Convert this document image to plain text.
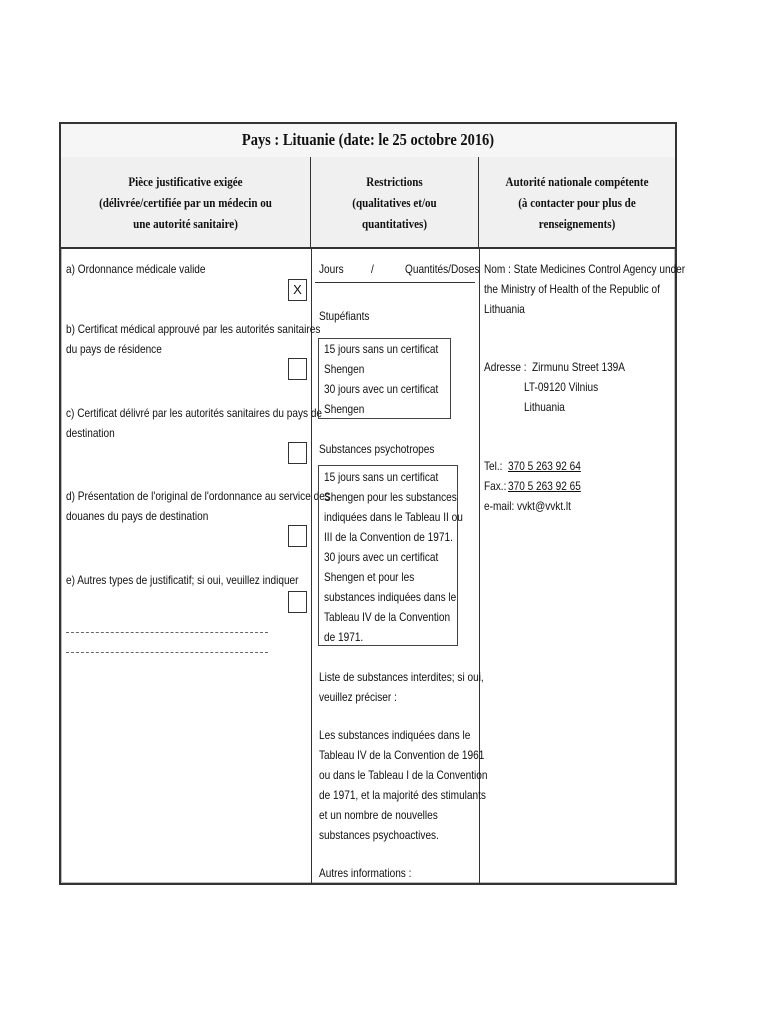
Pays : Lituanie (date: le 25 octobre 2016)
Pièce justificative exigée
(délivrée/certifiée par un médecin ou
une autorité sanitaire)
Restrictions
(qualitatives et/ou quantitatives)
Autorité nationale compétente
(à contacter pour plus de renseignements)
a) Ordonnance médicale valide
X
b) Certificat médical approuvé par les autorités sanitaires
du pays de résidence
c) Certificat délivré par les autorités sanitaires du pays de
destination
d) Présentation de l'original de l'ordonnance au service des
douanes du pays de destination
e) Autres types de justificatif; si oui, veuillez indiquer
Jours /	Quantités/Doses
Stupéfiants
15 jours sans un certificat
Shengen
30 jours avec un certificat
Shengen
Substances psychotropes
15 jours sans un certificat
Shengen pour les substances
indiquées dans le Tableau II ou
III de la Convention de 1971.
30 jours avec un certificat
Shengen et pour les
substances indiquées dans le
Tableau IV de la Convention
de 1971.
Liste de substances interdites; si oui,
veuillez préciser :
Les substances indiquées dans le
Tableau IV de la Convention de 1961
ou dans le Tableau I de la Convention
de 1971, et la majorité des stimulants
et un nombre de nouvelles
substances psychoactives.
Autres informations :
Nom : State Medicines Control Agency under
the Ministry of Health of the Republic of
Lithuania
Adresse : Zirmunu Street 139A
LT-09120 Vilnius
Lithuania
Tel.: 370 5 263 92 64
Fax.: 370 5 263 92 65
e-mail: vvkt@vvkt.lt
